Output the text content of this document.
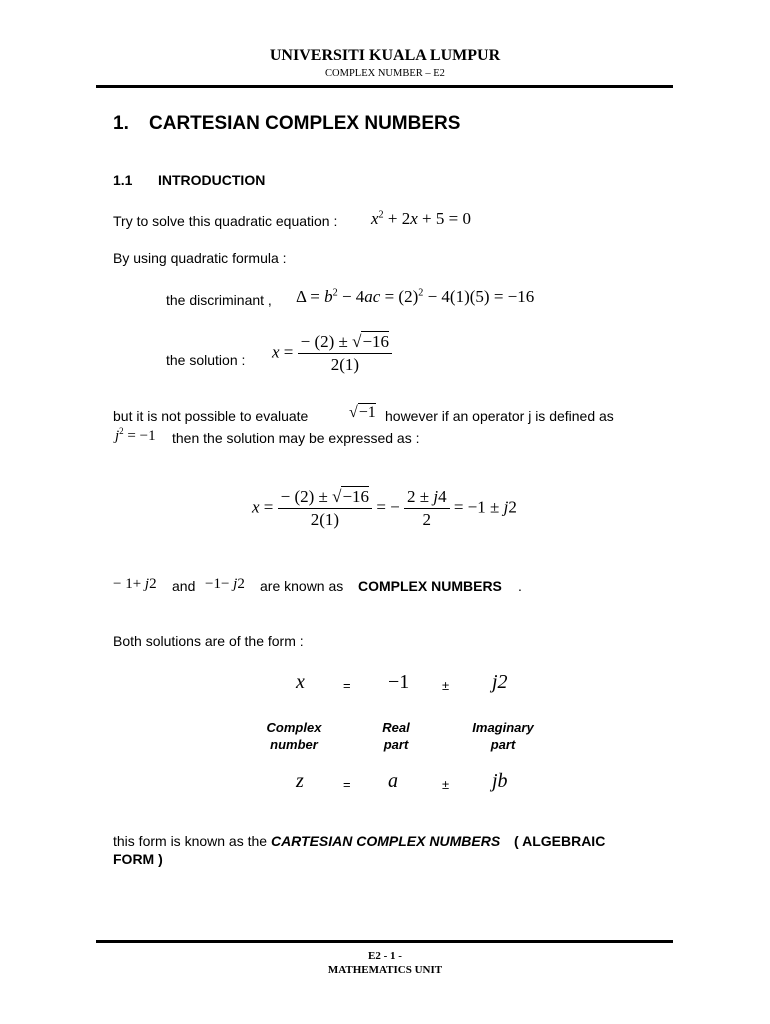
UNIVERSITI KUALA LUMPUR
COMPLEX NUMBER – E2
1. CARTESIAN COMPLEX NUMBERS
1.1 INTRODUCTION
Try to solve this quadratic equation : $x^2 + 2x + 5 = 0$
By using quadratic formula :
the discriminant , $\Delta = b^2 - 4ac = (2)^2 - 4(1)(5) = -16$
the solution : $x = \frac{- (2) \pm √-16}{2(1)}$
but it is not possible to evaluate	√−1 however if an operator j is defined as
$j^2 = -1$ then the solution may be expressed as :
$x = \frac{- (2) \pm √-16}{2(1)}$ = − $\frac{2 \pm j4}{2} = -1 \pm j2$
− 1+ j2 and −1− j2 are known as COMPLEX NUMBERS .
Both solutions are of the form :
x	= −1	± j2
Complex
number
Real
part
Imaginary
part
z	= a	± jb
this form is known as the CARTESIAN COMPLEX NUMBERS ( ALGEBRAIC
FORM )
E2 - 1 -
MATHEMATICS UNIT
